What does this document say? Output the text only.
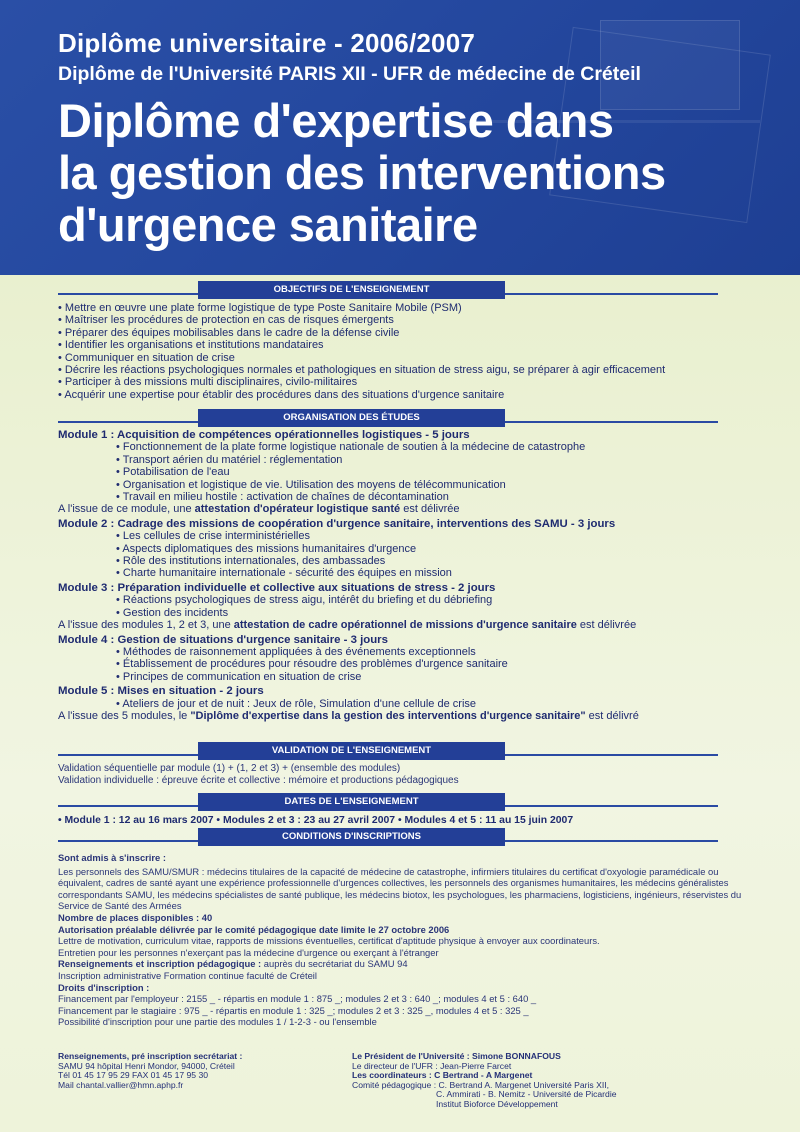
Diplôme universitaire - 2006/2007
Diplôme de l'Université PARIS XII - UFR de médecine de Créteil
Diplôme d'expertise dans
la gestion des interventions
d'urgence sanitaire
OBJECTIFS DE L'ENSEIGNEMENT
• Mettre en œuvre une plate forme logistique de type Poste Sanitaire Mobile (PSM)
• Maîtriser les procédures de protection en cas de risques émergents
• Préparer des équipes mobilisables dans le cadre de la défense civile
• Identifier les organisations et institutions mandataires
• Communiquer en situation de crise
• Décrire les réactions psychologiques normales et pathologiques en situation de stress aigu, se préparer à agir efficacement
• Participer à des missions multi disciplinaires, civilo-militaires
• Acquérir une expertise pour établir des procédures dans des situations d'urgence sanitaire
ORGANISATION DES ÉTUDES
Module 1 : Acquisition de compétences opérationnelles logistiques - 5 jours
• Fonctionnement de la plate forme logistique nationale de soutien à la médecine de catastrophe
• Transport aérien du matériel : réglementation
• Potabilisation de l'eau
• Organisation et logistique de vie. Utilisation des moyens de télécommunication
• Travail en milieu hostile : activation de chaînes de décontamination
A l'issue de ce module, une attestation d'opérateur logistique santé est délivrée
Module 2 : Cadrage des missions de coopération d'urgence sanitaire, interventions des SAMU - 3 jours
• Les cellules de crise interministérielles
• Aspects diplomatiques des missions humanitaires d'urgence
• Rôle des institutions internationales, des ambassades
• Charte humanitaire internationale - sécurité des équipes en mission
Module 3 : Préparation individuelle et collective aux situations de stress - 2 jours
• Réactions psychologiques de stress aigu, intérêt du briefing et du débriefing
• Gestion des incidents
A l'issue des modules 1, 2 et 3, une attestation de cadre opérationnel de missions d'urgence sanitaire est délivrée
Module 4 : Gestion de situations d'urgence sanitaire - 3 jours
• Méthodes de raisonnement appliquées à des événements exceptionnels
• Établissement de procédures pour résoudre des problèmes d'urgence sanitaire
• Principes de communication en situation de crise
Module 5 : Mises en situation - 2 jours
• Ateliers de jour et de nuit : Jeux de rôle, Simulation d'une cellule de crise
A l'issue des 5 modules, le "Diplôme d'expertise dans la gestion des interventions d'urgence sanitaire" est délivré
VALIDATION DE L'ENSEIGNEMENT
Validation séquentielle par module (1) + (1, 2 et 3) + (ensemble des modules)
Validation individuelle : épreuve écrite et collective : mémoire et productions pédagogiques
DATES DE L'ENSEIGNEMENT
• Module 1 : 12 au 16 mars 2007 • Modules 2 et 3 : 23 au 27 avril 2007 • Modules 4 et 5 : 11 au 15 juin 2007
CONDITIONS D'INSCRIPTIONS
Sont admis à s'inscrire :
Les personnels des SAMU/SMUR : médecins titulaires de la capacité de médecine de catastrophe, infirmiers titulaires du certificat d'oxyologie paramédicale ou équivalent, cadres de santé ayant une expérience professionnelle d'urgences collectives, les personnels des organismes humanitaires, les médecins généralistes correspondants SAMU, les médecins spécialistes de santé publique, les médecins biotox, les psychologues, les pharmaciens, logisticiens, ingénieurs, réservistes du Service de Santé des Armées
Nombre de places disponibles : 40
Autorisation préalable délivrée par le comité pédagogique date limite le 27 octobre 2006
Lettre de motivation, curriculum vitae, rapports de missions éventuelles, certificat d'aptitude physique à envoyer aux coordinateurs.
Entretien pour les personnes n'exerçant pas la médecine d'urgence ou exerçant à l'étranger
Renseignements et inscription pédagogique : auprès du secrétariat du SAMU 94
Inscription administrative Formation continue faculté de Créteil
Droits d'inscription :
Financement par l'employeur : 2155 _ - répartis en module 1 : 875 _; modules 2 et 3 : 640 _; modules 4 et 5 : 640 _
Financement par le stagiaire : 975 _ - répartis en module 1 : 325 _; modules 2 et 3 : 325 _, modules 4 et 5 : 325 _
Possibilité d'inscription pour une partie des modules 1 / 1-2-3 - ou l'ensemble
Renseignements, pré inscription secrétariat :
SAMU 94 hôpital Henri Mondor, 94000, Créteil
Tél 01 45 17 95 29 FAX 01 45 17 95 30
Mail chantal.vallier@hmn.aphp.fr
Le Président de l'Université : Simone BONNAFOUS
Le directeur de l'UFR : Jean-Pierre Farcet
Les coordinateurs : C Bertrand - A Margenet
Comité pédagogique : C. Bertrand A. Margenet Université Paris XII,
C. Ammirati - B. Nemitz - Université de Picardie
Institut Bioforce Développement
